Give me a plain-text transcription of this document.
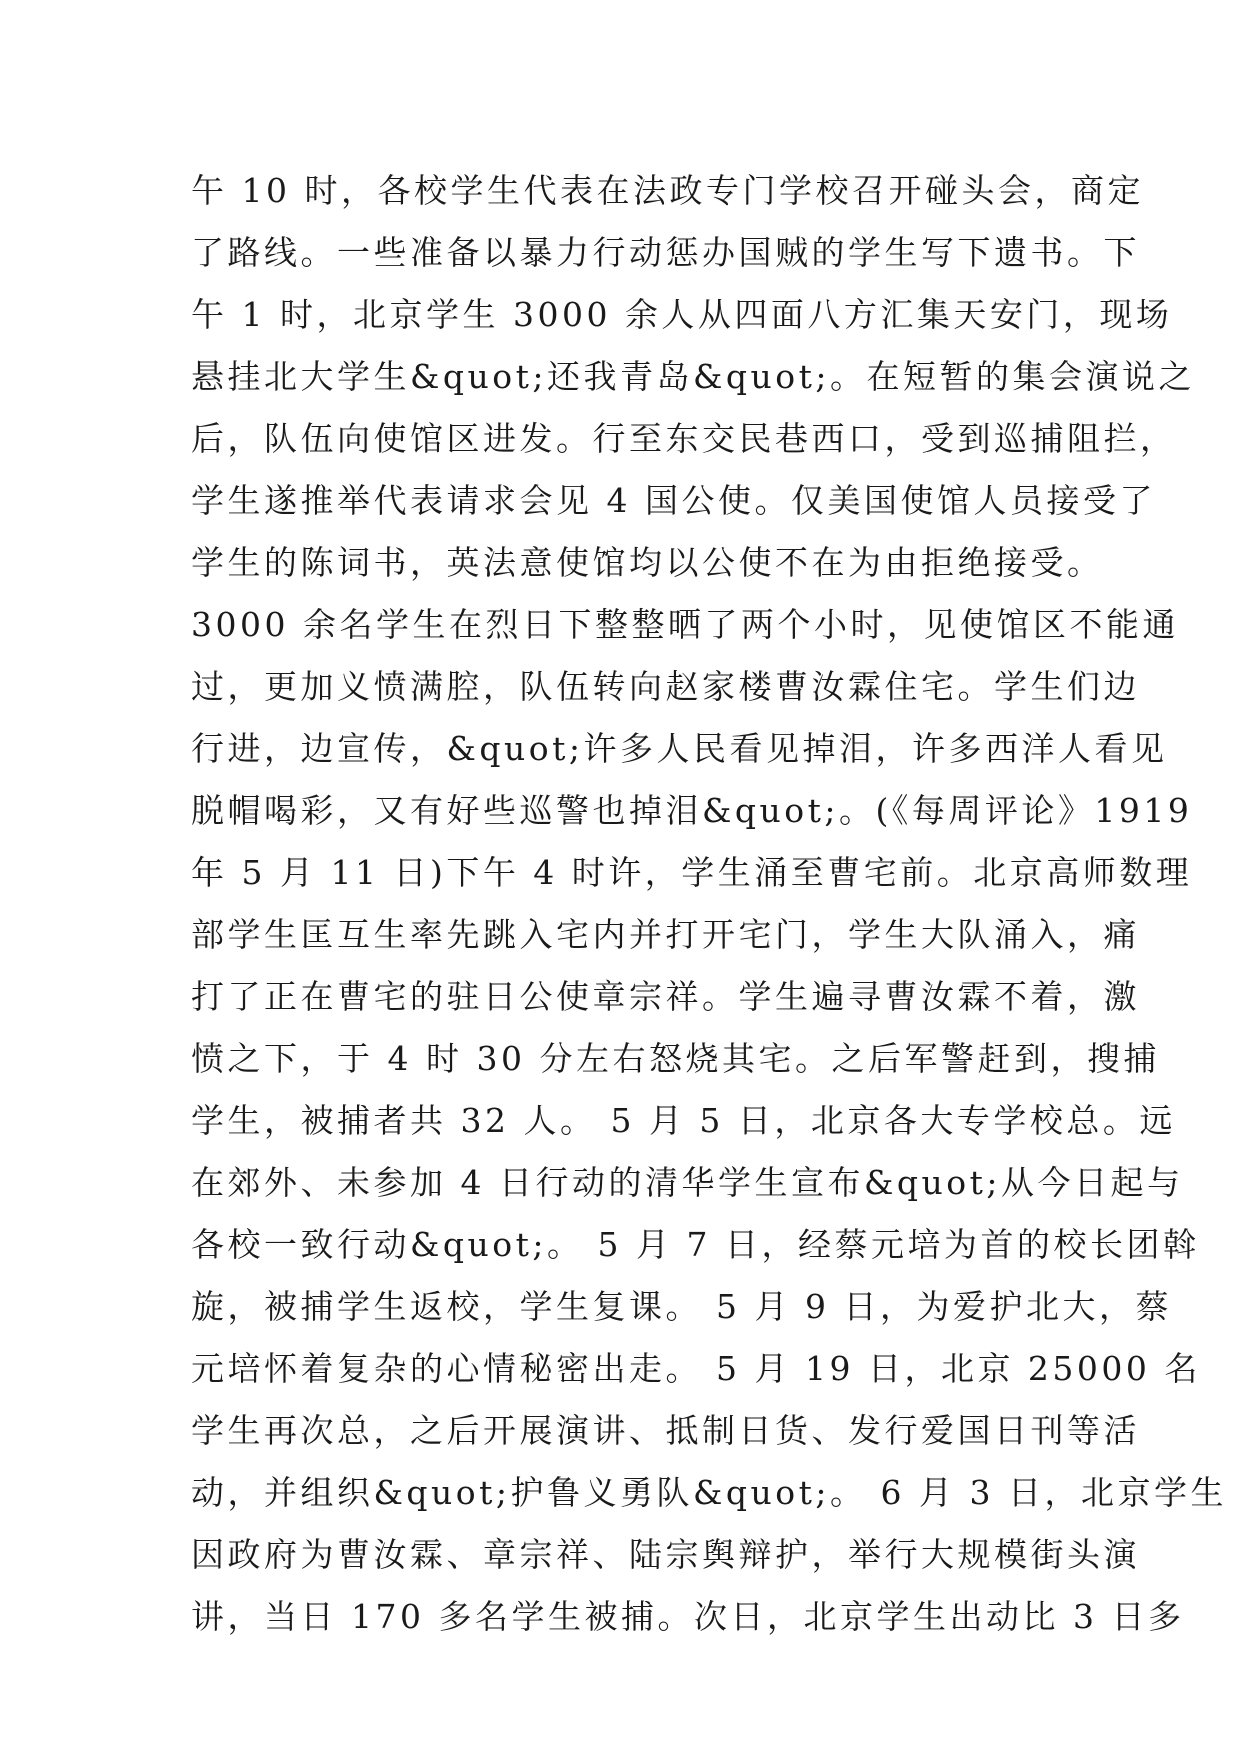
午 10 时，各校学生代表在法政专门学校召开碰头会，商定
了路线。一些准备以暴力行动惩办国贼的学生写下遗书。下
午 1 时，北京学生 3000 余人从四面八方汇集天安门，现场
悬挂北大学生&quot;还我青岛&quot;。在短暂的集会演说之
后，队伍向使馆区进发。行至东交民巷西口，受到巡捕阻拦，
学生遂推举代表请求会见 4 国公使。仅美国使馆人员接受了
学生的陈词书，英法意使馆均以公使不在为由拒绝接受。
3000 余名学生在烈日下整整晒了两个小时，见使馆区不能通
过，更加义愤满腔，队伍转向赵家楼曹汝霖住宅。学生们边
行进，边宣传，&quot;许多人民看见掉泪，许多西洋人看见
脱帽喝彩，又有好些巡警也掉泪&quot;。(《每周评论》1919
年 5 月 11 日)下午 4 时许，学生涌至曹宅前。北京高师数理
部学生匡互生率先跳入宅内并打开宅门，学生大队涌入，痛
打了正在曹宅的驻日公使章宗祥。学生遍寻曹汝霖不着，激
愤之下，于 4 时 30 分左右怒烧其宅。之后军警赶到，搜捕
学生，被捕者共 32 人。 5 月 5 日，北京各大专学校总。远
在郊外、未参加 4 日行动的清华学生宣布&quot;从今日起与
各校一致行动&quot;。 5 月 7 日，经蔡元培为首的校长团斡
旋，被捕学生返校，学生复课。 5 月 9 日，为爱护北大，蔡
元培怀着复杂的心情秘密出走。 5 月 19 日，北京 25000 名
学生再次总，之后开展演讲、抵制日货、发行爱国日刊等活
动，并组织&quot;护鲁义勇队&quot;。 6 月 3 日，北京学生
因政府为曹汝霖、章宗祥、陆宗舆辩护，举行大规模街头演
讲，当日 170 多名学生被捕。次日，北京学生出动比 3 日多
